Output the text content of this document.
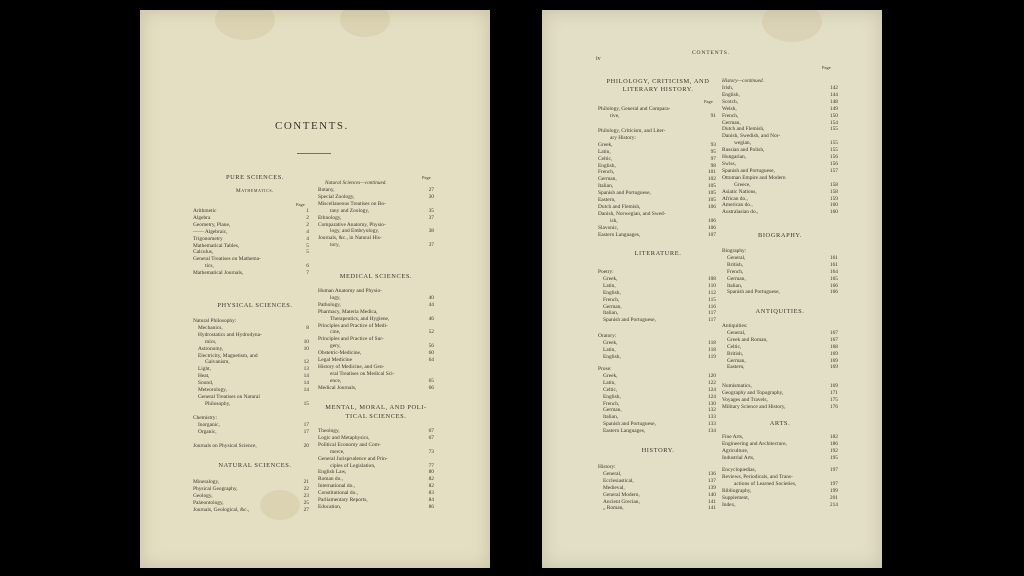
CONTENTS.
PURE SCIENCES.
Mathematics.
Page
Arithmetic	1
Algebra	2
Geometry, Plane,	2
—— Algebraic,	4
Trigonometry	4
Mathematical Tables,	5
Calculus,	5
General Treatises on Mathema-
tics,	6
Mathematical Journals,	7
PHYSICAL SCIENCES.
Natural Philosophy:
Mechanics,	8
Hydrostatics and Hydrodyna-
mics,	10
Astronomy,	10
Electricity, Magnetism, and
Galvanism,	12
Light,	13
Heat,	14
Sound,	14
Meteorology,	14
General Treatises on Natural
Philosophy,	15
Chemistry:
Inorganic,	17
Organic,	17
Journals on Physical Science,	20
NATURAL SCIENCES.
Mineralogy,	21
Physical Geography,	22
Geology,	23
Palæontology,	25
Journals, Geological, &c.,	27
Page
Natural Sciences—continued.
Botany,	27
Special Zoology,	30
Miscellaneous Treatises on Bo-
tany and Zoology,	35
Ethnology,	37
Comparative Anatomy, Physio-
logy, and Embryology,	38
Journals, &c., in Natural His-
tory,	37
MEDICAL SCIENCES.
Human Anatomy and Physio-
logy,	40
Pathology,	44
Pharmacy, Materia Medica,
Therapeutics, and Hygiene,	46
Principles and Practice of Medi-
cine,	52
Principles and Practice of Sur-
gery,	56
Obstetric-Medicine,	60
Legal Medicine	64
History of Medicine, and Gen-
eral Treatises on Medical Sci-
ence,	65
Medical Journals,	66
MENTAL, MORAL, AND POLI-
TICAL SCIENCES.
Theology,	67
Logic and Metaphysics,	67
Political Economy and Com-
merce,	73
General Jurisprudence and Prin-
ciples of Legislation,	77
English Law,	80
Roman do.,	82
International do.,	82
Constitutional do.,	83
Parliamentary Reports,	84
Education,	86
iv
CONTENTS.
Page
PHILOLOGY, CRITICISM, AND
LITERARY HISTORY.
Page
Philology, General and Compara-
tive,	91
Philology, Criticism, and Liter-
ary History:
Greek,	93
Latin,	95
Celtic,	97
English,	98
French,	101
German,	102
Italian,	105
Spanish and Portuguese,	105
Eastern,	105
Dutch and Flemish,	106
Danish, Norwegian, and Swed-
ish,	106
Slavonic,	106
Eastern Languages,	107
LITERATURE.
Poetry:
Greek,	108
Latin,	110
English,	112
French,	115
German,	116
Italian,	117
Spanish and Portuguese,	117
Oratory:
Greek,	118
Latin,	118
English,	119
Prose:
Greek,	120
Latin,	122
Celtic,	124
English,	124
French,	130
German,	132
Italian,	133
Spanish and Portuguese,	133
Eastern Languages,	134
HISTORY.
History:
General,	136
Ecclesiastical,	137
Medieval,	139
General Modern,	140
Ancient Grecian,	141
„ Roman,	141
History—continued.
Irish,	142
English,	144
Scotch,	148
Welsh,	149
French,	150
German,	154
Dutch and Flemish,	155
Danish, Swedish, and Nor-
wegian,	155
Russian and Polish,	155
Hungarian,	156
Swiss,	156
Spanish and Portuguese,	157
Ottoman Empire and Modern
Greece,	158
Asiatic Nations,	158
African do.,	159
American do.,	160
Australasian do.,	160
BIOGRAPHY.
Biography:
General,	161
British,	161
French,	164
German,	165
Italian,	166
Spanish and Portuguese,	166
ANTIQUITIES.
Antiquities:
General,	167
Greek and Roman,	167
Celtic,	168
British,	169
German,	169
Eastern,	169
Numismatics,	169
Geography and Topography,	171
Voyages and Travels,	175
Military Science and History,	176
ARTS.
Fine Arts,	182
Engineering and Architecture,	186
Agriculture,	192
Industrial Arts,	195
Encyclopædias,	197
Reviews, Periodicals, and Trans-
actions of Learned Societies,	197
Bibliography,	199
Supplement,	201
Index,	214
